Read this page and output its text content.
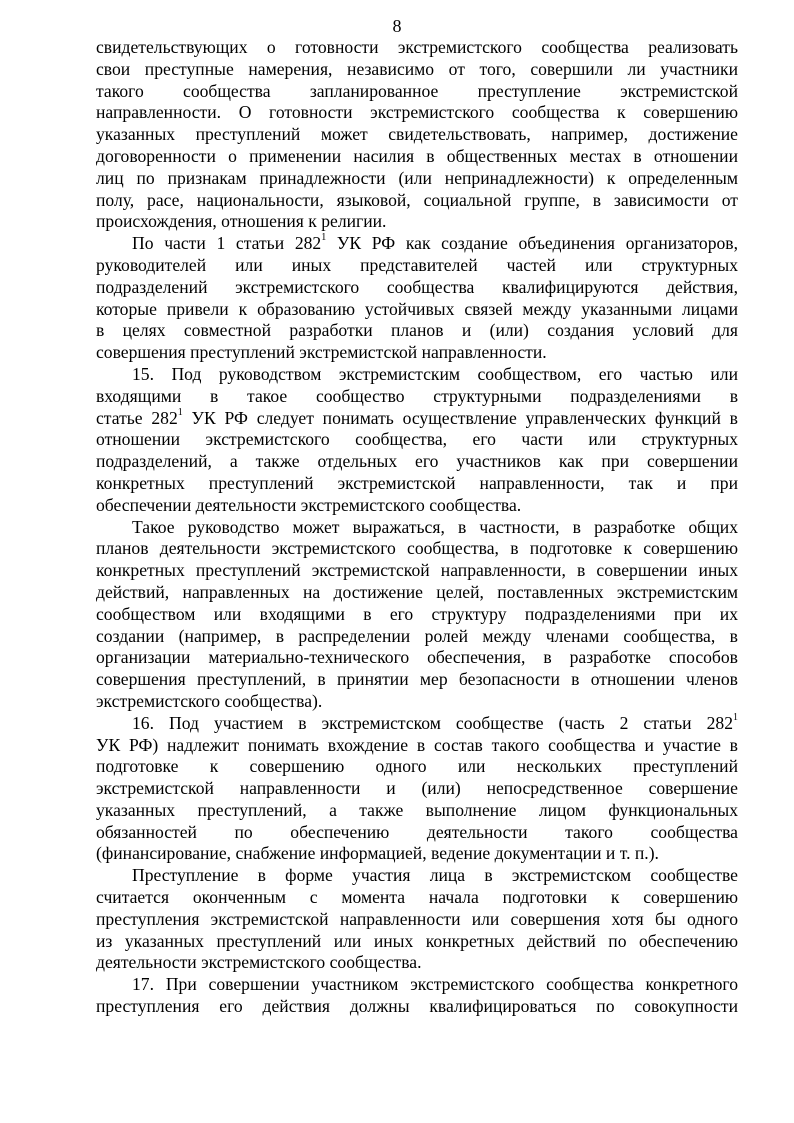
8
свидетельствующих о готовности экстремистского сообщества реализовать
свои преступные намерения, независимо от того, совершили ли участники
такого сообщества запланированное преступление экстремистской
направленности. О готовности экстремистского сообщества к совершению
указанных преступлений может свидетельствовать, например, достижение
договоренности о применении насилия в общественных местах в отношении
лиц по признакам принадлежности (или непринадлежности) к определенным
полу, расе, национальности, языковой, социальной группе, в зависимости от
происхождения, отношения к религии.
По части 1 статьи $282^1$ УК РФ как создание объединения организаторов,
руководителей или иных представителей частей или структурных
подразделений экстремистского сообщества квалифицируются действия,
которые привели к образованию устойчивых связей между указанными лицами
в целях совместной разработки планов и (или) создания условий для
совершения преступлений экстремистской направленности.
15. Под руководством экстремистским сообществом, его частью или
входящими в такое сообщество структурными подразделениями в
статье $282^1$ УК РФ следует понимать осуществление управленческих функций в
отношении экстремистского сообщества, его части или структурных
подразделений, а также отдельных его участников как при совершении
конкретных преступлений экстремистской направленности, так и при
обеспечении деятельности экстремистского сообщества.
Такое руководство может выражаться, в частности, в разработке общих
планов деятельности экстремистского сообщества, в подготовке к совершению
конкретных преступлений экстремистской направленности, в совершении иных
действий, направленных на достижение целей, поставленных экстремистским
сообществом или входящими в его структуру подразделениями при их
создании (например, в распределении ролей между членами сообщества, в
организации материально-технического обеспечения, в разработке способов
совершения преступлений, в принятии мер безопасности в отношении членов
экстремистского сообщества).
16. Под участием в экстремистском сообществе (часть 2 статьи $282^1$
УК РФ) надлежит понимать вхождение в состав такого сообщества и участие в
подготовке к совершению одного или нескольких преступлений
экстремистской направленности и (или) непосредственное совершение
указанных преступлений, а также выполнение лицом функциональных
обязанностей по обеспечению деятельности такого сообщества
(финансирование, снабжение информацией, ведение документации и т. п.).
Преступление в форме участия лица в экстремистском сообществе
считается оконченным с момента начала подготовки к совершению
преступления экстремистской направленности или совершения хотя бы одного
из указанных преступлений или иных конкретных действий по обеспечению
деятельности экстремистского сообщества.
17. При совершении участником экстремистского сообщества конкретного
преступления его действия должны квалифицироваться по совокупности
